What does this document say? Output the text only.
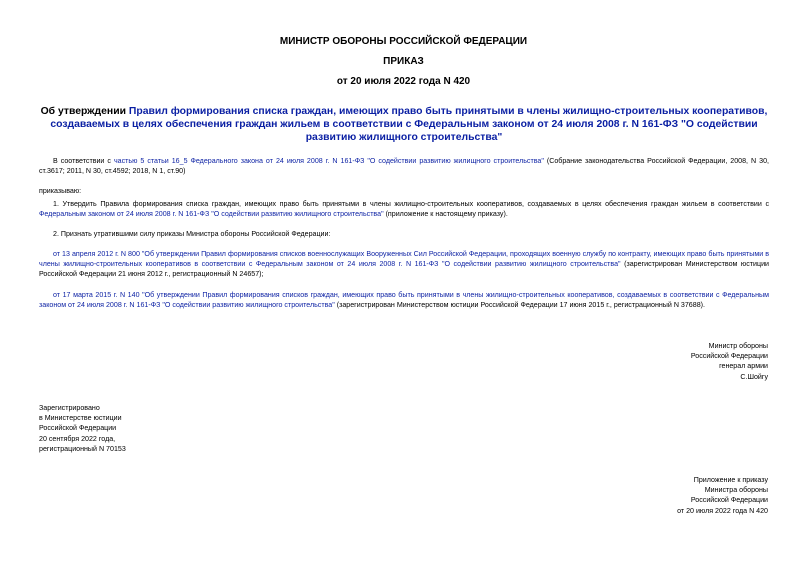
МИНИСТР ОБОРОНЫ РОССИЙСКОЙ ФЕДЕРАЦИИ
ПРИКАЗ
от 20 июля 2022 года N 420
Об утверждении Правил формирования списка граждан, имеющих право быть принятыми в члены жилищно-строительных кооперативов, создаваемых в целях обеспечения граждан жильем в соответствии с Федеральным законом от 24 июля 2008 г. N 161-ФЗ "О содействии развитию жилищного строительства"
В соответствии с частью 5 статьи 16_5 Федерального закона от 24 июля 2008 г. N 161-ФЗ "О содействии развитию жилищного строительства" (Собрание законодательства Российской Федерации, 2008, N 30, ст.3617; 2011, N 30, ст.4592; 2018, N 1, ст.90)
приказываю:
1. Утвердить Правила формирования списка граждан, имеющих право быть принятыми в члены жилищно-строительных кооперативов, создаваемых в целях обеспечения граждан жильем в соответствии с Федеральным законом от 24 июля 2008 г. N 161-ФЗ "О содействии развитию жилищного строительства" (приложение к настоящему приказу).
2. Признать утратившими силу приказы Министра обороны Российской Федерации:
от 13 апреля 2012 г. N 800 "Об утверждении Правил формирования списков военнослужащих Вооруженных Сил Российской Федерации, проходящих военную службу по контракту, имеющих право быть принятыми в члены жилищно-строительных кооперативов в соответствии с Федеральным законом от 24 июля 2008 г. N 161-ФЗ "О содействии развитию жилищного строительства" (зарегистрирован Министерством юстиции Российской Федерации 21 июня 2012 г., регистрационный N 24657);
от 17 марта 2015 г. N 140 "Об утверждении Правил формирования списков граждан, имеющих право быть принятыми в члены жилищно-строительных кооперативов, создаваемых в соответствии с Федеральным законом от 24 июля 2008 г. N 161-ФЗ "О содействии развитию жилищного строительства" (зарегистрирован Министерством юстиции Российской Федерации 17 июня 2015 г., регистрационный N 37688).
Министр обороны
Российской Федерации
генерал армии
С.Шойгу
Зарегистрировано
в Министерстве юстиции
Российской Федерации
20 сентября 2022 года,
регистрационный N 70153
Приложение к приказу
Министра обороны
Российской Федерации
от 20 июля 2022 года N 420
